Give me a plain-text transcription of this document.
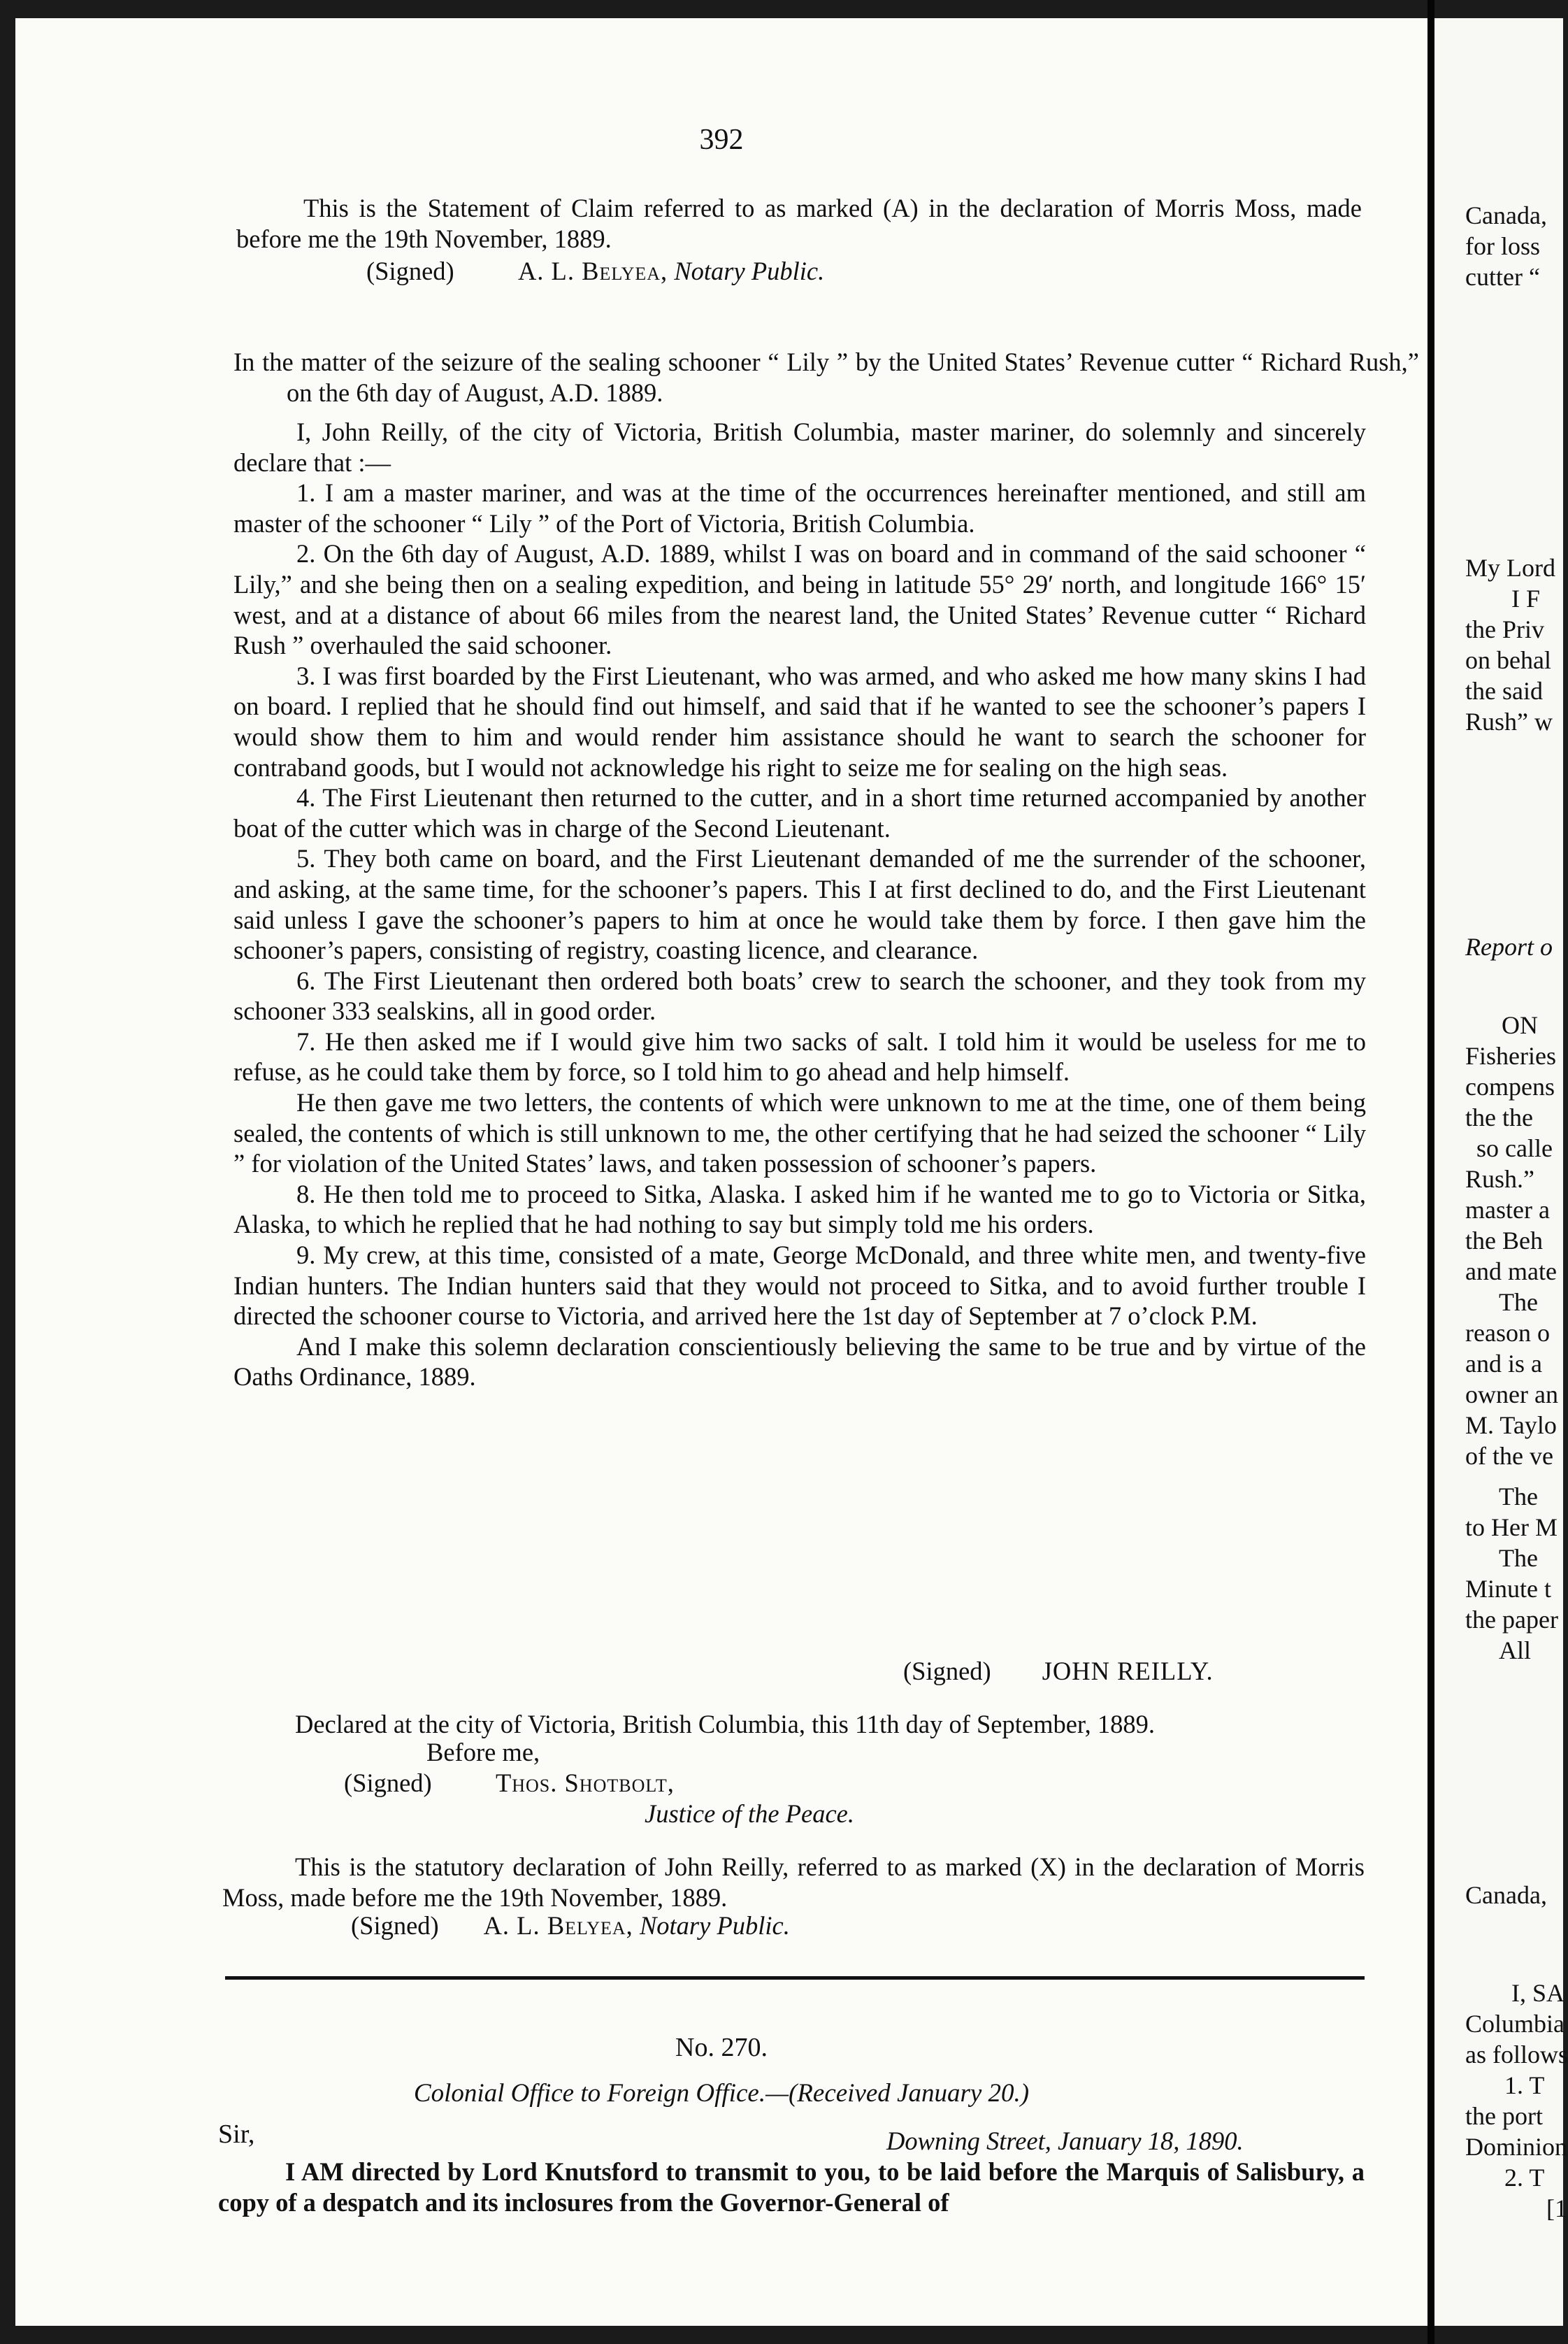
392

This is the Statement of Claim referred to as marked (A) in the declaration of Morris Moss, made before me the 19th November, 1889.

(Signed)	A. L. Belyea, Notary Public.
In the matter of the seizure of the sealing schooner “ Lily ” by the United States’ Revenue cutter “ Richard Rush,” on the 6th day of August, A.D. 1889.

I, John Reilly, of the city of Victoria, British Columbia, master mariner, do solemnly and sincerely declare that :—

1. I am a master mariner, and was at the time of the occurrences hereinafter mentioned, and still am master of the schooner “ Lily ” of the Port of Victoria, British Columbia.

2. On the 6th day of August, A.D. 1889, whilst I was on board and in command of the said schooner “ Lily,” and she being then on a sealing expedition, and being in latitude 55° 29′ north, and longitude 166° 15′ west, and at a distance of about 66 miles from the nearest land, the United States’ Revenue cutter “ Richard Rush ” overhauled the said schooner.

3. I was first boarded by the First Lieutenant, who was armed, and who asked me how many skins I had on board. I replied that he should find out himself, and said that if he wanted to see the schooner’s papers I would show them to him and would render him assistance should he want to search the schooner for contraband goods, but I would not acknowledge his right to seize me for sealing on the high seas.

4. The First Lieutenant then returned to the cutter, and in a short time returned accompanied by another boat of the cutter which was in charge of the Second Lieutenant.

5. They both came on board, and the First Lieutenant demanded of me the surrender of the schooner, and asking, at the same time, for the schooner’s papers. This I at first declined to do, and the First Lieutenant said unless I gave the schooner’s papers to him at once he would take them by force. I then gave him the schooner’s papers, consisting of registry, coasting licence, and clearance.

6. The First Lieutenant then ordered both boats’ crew to search the schooner, and they took from my schooner 333 sealskins, all in good order.

7. He then asked me if I would give him two sacks of salt. I told him it would be useless for me to refuse, as he could take them by force, so I told him to go ahead and help himself.

He then gave me two letters, the contents of which were unknown to me at the time, one of them being sealed, the contents of which is still unknown to me, the other certifying that he had seized the schooner “ Lily ” for violation of the United States’ laws, and taken possession of schooner’s papers.

8. He then told me to proceed to Sitka, Alaska. I asked him if he wanted me to go to Victoria or Sitka, Alaska, to which he replied that he had nothing to say but simply told me his orders.

9. My crew, at this time, consisted of a mate, George McDonald, and three white men, and twenty-five Indian hunters. The Indian hunters said that they would not proceed to Sitka, and to avoid further trouble I directed the schooner course to Victoria, and arrived here the 1st day of September at 7 o’clock P.M.

And I make this solemn declaration conscientiously believing the same to be true and by virtue of the Oaths Ordinance, 1889.

(Signed) JOHN REILLY.

Declared at the city of Victoria, British Columbia, this 11th day of September, 1889.

Before me,
(Signed)	Thos. Shotbolt,
Justice of the Peace.

This is the statutory declaration of John Reilly, referred to as marked (X) in the declaration of Morris Moss, made before me the 19th November, 1889.

(Signed) A. L. Belyea, Notary Public.
No. 270.
Colonial Office to Foreign Office.—(Received January 20.)
Sir,	Downing Street, January 18, 1890.

I AM directed by Lord Knutsford to transmit to you, to be laid before the Marquis of Salisbury, a copy of a despatch and its inclosures from the Governor-General of

Canada,
for loss
cutter “
My Lord
I F
the Priv
on behal
the said
Rush” w
Report o
ON
Fisheries
compens
the the
so calle
Rush.”
master a
the Beh
and mate
The
reason o
and is a
owner an
M. Taylo
of the ve
The
to Her M
The
Minute t
the paper
All
Canada,
I, SA
Columbia
as follows
1. T
the port
Dominion
2. T
[1
